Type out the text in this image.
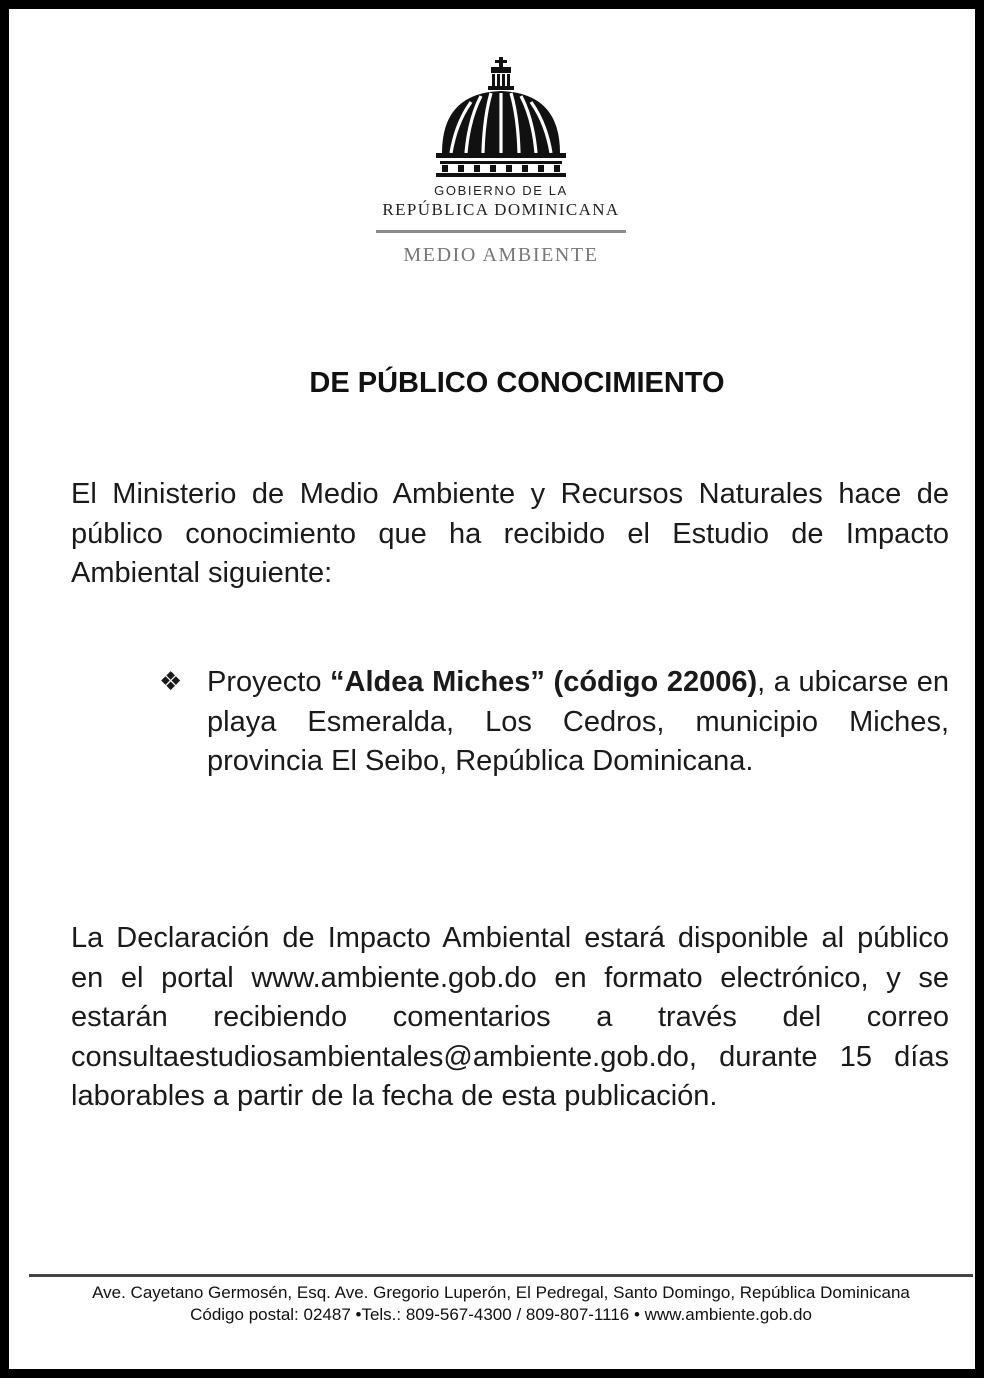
GOBIERNO DE LA
REPÚBLICA DOMINICANA
MEDIO AMBIENTE
DE PÚBLICO CONOCIMIENTO
El Ministerio de Medio Ambiente y Recursos Naturales hace de público conocimiento que ha recibido el Estudio de Impacto Ambiental siguiente:
❖ Proyecto “Aldea Miches” (código 22006), a ubicarse en playa Esmeralda, Los Cedros, municipio Miches, provincia El Seibo, República Dominicana.
La Declaración de Impacto Ambiental estará disponible al público en el portal www.ambiente.gob.do en formato electrónico, y se estarán recibiendo comentarios a través del correo consultaestudiosambientales@ambiente.gob.do, durante 15 días laborables a partir de la fecha de esta publicación.
Ave. Cayetano Germosén, Esq. Ave. Gregorio Luperón, El Pedregal, Santo Domingo, República Dominicana
Código postal: 02487 •Tels.: 809-567-4300 / 809-807-1116 • www.ambiente.gob.do
